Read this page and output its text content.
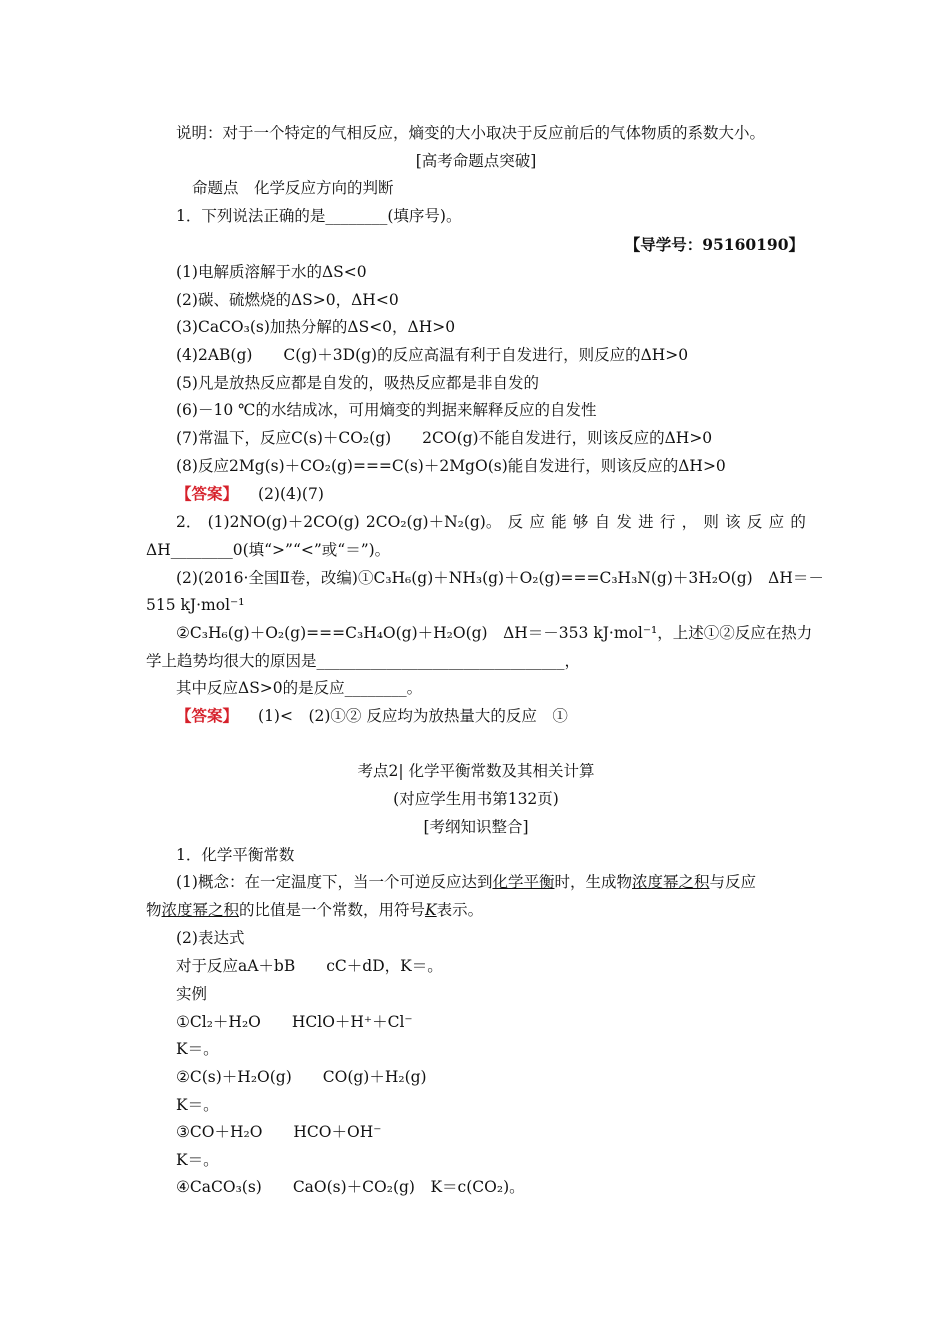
说明：对于一个特定的气相反应，熵变的大小取决于反应前后的气体物质的系数大小。
[高考命题点突破]
命题点　化学反应方向的判断
1．下列说法正确的是________(填序号)。
【导学号：95160190】
(1)电解质溶解于水的ΔS<0
(2)碳、硫燃烧的ΔS>0，ΔH<0
(3)CaCO₃(s)加热分解的ΔS<0，ΔH>0
(4)2AB(g)　　C(g)＋3D(g)的反应高温有利于自发进行，则反应的ΔH>0
(5)凡是放热反应都是自发的，吸热反应都是非自发的
(6)－10 ℃的水结成冰，可用熵变的判据来解释反应的自发性
(7)常温下，反应C(s)＋CO₂(g)　　2CO(g)不能自发进行，则该反应的ΔH>0
(8)反应2Mg(s)＋CO₂(g)===C(s)＋2MgO(s)能自发进行，则该反应的ΔH>0
【答案】 (2)(4)(7)
2． (1)2NO(g)＋2CO(g) 2CO₂(g)＋N₂(g)。 反 应 能 够 自 发 进 行 ， 则 该 反 应 的
ΔH________0(填“>”“<”或“＝”)。
(2)(2016·全国Ⅱ卷，改编)①C₃H₆(g)＋NH₃(g)＋O₂(g)===C₃H₃N(g)＋3H₂O(g)　ΔH＝－
515 kJ·mol⁻¹
②C₃H₆(g)＋O₂(g)===C₃H₄O(g)＋H₂O(g)　ΔH＝－353 kJ·mol⁻¹，上述①②反应在热力
学上趋势均很大的原因是________________________________，
其中反应ΔS>0的是反应________。
【答案】 (1)<　(2)①② 反应均为放热量大的反应　①
考点2| 化学平衡常数及其相关计算
(对应学生用书第132页)
[考纲知识整合]
1．化学平衡常数
(1)概念：在一定温度下，当一个可逆反应达到化学平衡时，生成物浓度幂之积与反应
物浓度幂之积的比值是一个常数，用符号K表示。
(2)表达式
对于反应aA＋bB　　cC＋dD，K＝。
实例
①Cl₂＋H₂O　　HClO＋H⁺＋Cl⁻
K＝。
②C(s)＋H₂O(g)　　CO(g)＋H₂(g)
K＝。
③CO＋H₂O　　HCO＋OH⁻
K＝。
④CaCO₃(s)　　CaO(s)＋CO₂(g)　K＝c(CO₂)。
